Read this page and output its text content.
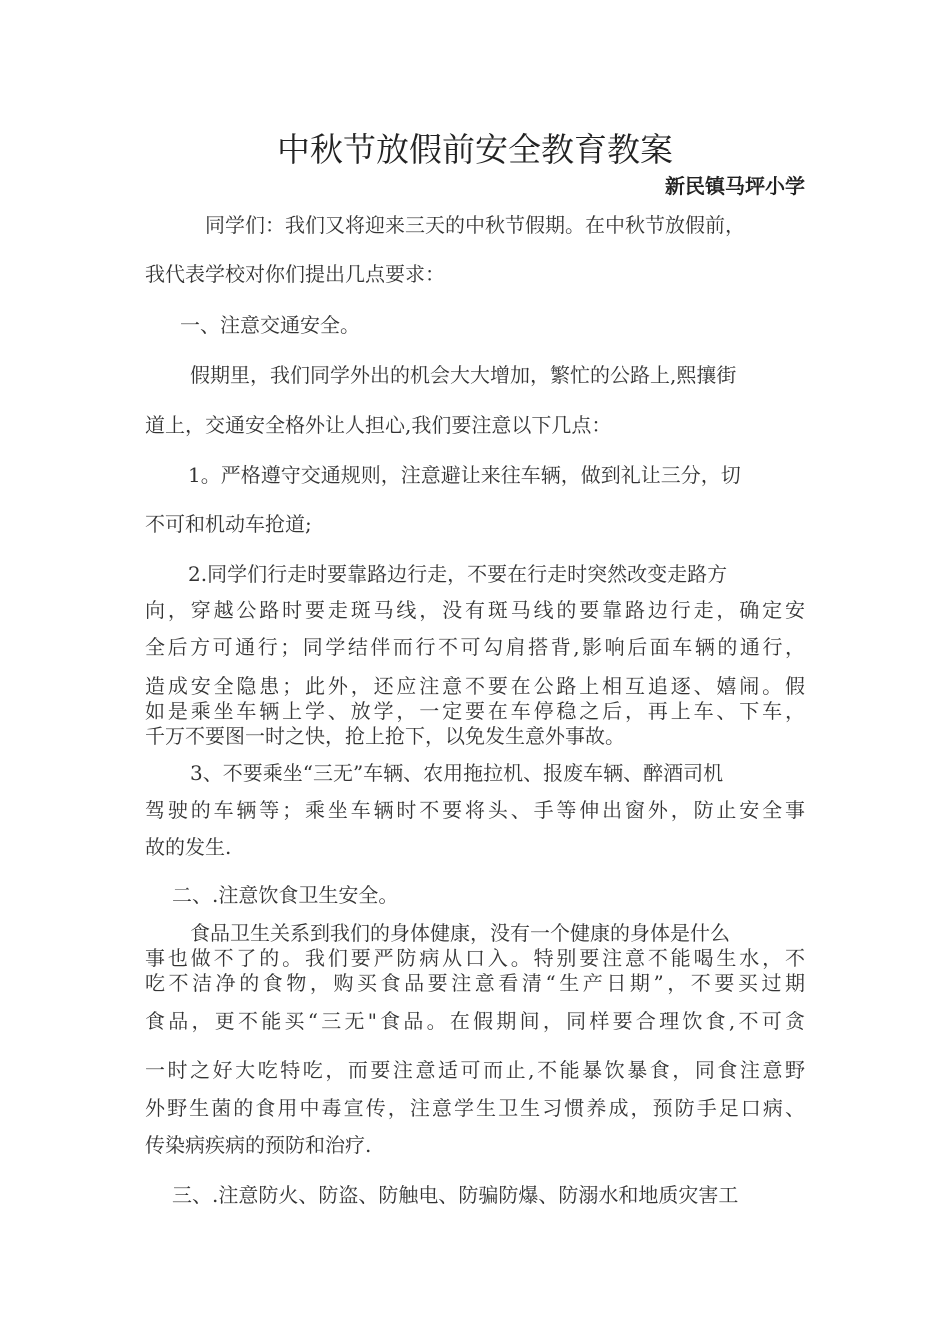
中秋节放假前安全教育教案
新民镇马坪小学
同学们：我们又将迎来三天的中秋节假期。在中秋节放假前，
我代表学校对你们提出几点要求：
一、注意交通安全。
假期里，我们同学外出的机会大大增加，繁忙的公路上,熙攘街
道上，交通安全格外让人担心,我们要注意以下几点：
1。严格遵守交通规则，注意避让来往车辆，做到礼让三分，切
不可和机动车抢道;
2.同学们行走时要靠路边行走，不要在行走时突然改变走路方
向，穿越公路时要走斑马线，没有斑马线的要靠路边行走，确定安
全后方可通行；同学结伴而行不可勾肩搭背,影响后面车辆的通行，
造成安全隐患；此外，还应注意不要在公路上相互追逐、嬉闹。假
如是乘坐车辆上学、放学，一定要在车停稳之后，再上车、下车，
千万不要图一时之快，抢上抢下，以免发生意外事故。
3、不要乘坐“三无”车辆、农用拖拉机、报废车辆、醉酒司机
驾驶的车辆等；乘坐车辆时不要将头、手等伸出窗外，防止安全事
故的发生.
二、.注意饮食卫生安全。
食品卫生关系到我们的身体健康，没有一个健康的身体是什么
事也做不了的。我们要严防病从口入。特别要注意不能喝生水，不
吃不洁净的食物，购买食品要注意看清“生产日期”，不要买过期
食品，更不能买“三无"食品。在假期间，同样要合理饮食,不可贪
一时之好大吃特吃，而要注意适可而止,不能暴饮暴食，同食注意野
外野生菌的食用中毒宣传，注意学生卫生习惯养成，预防手足口病、
传染病疾病的预防和治疗.
三、.注意防火、防盗、防触电、防骗防爆、防溺水和地质灾害工
